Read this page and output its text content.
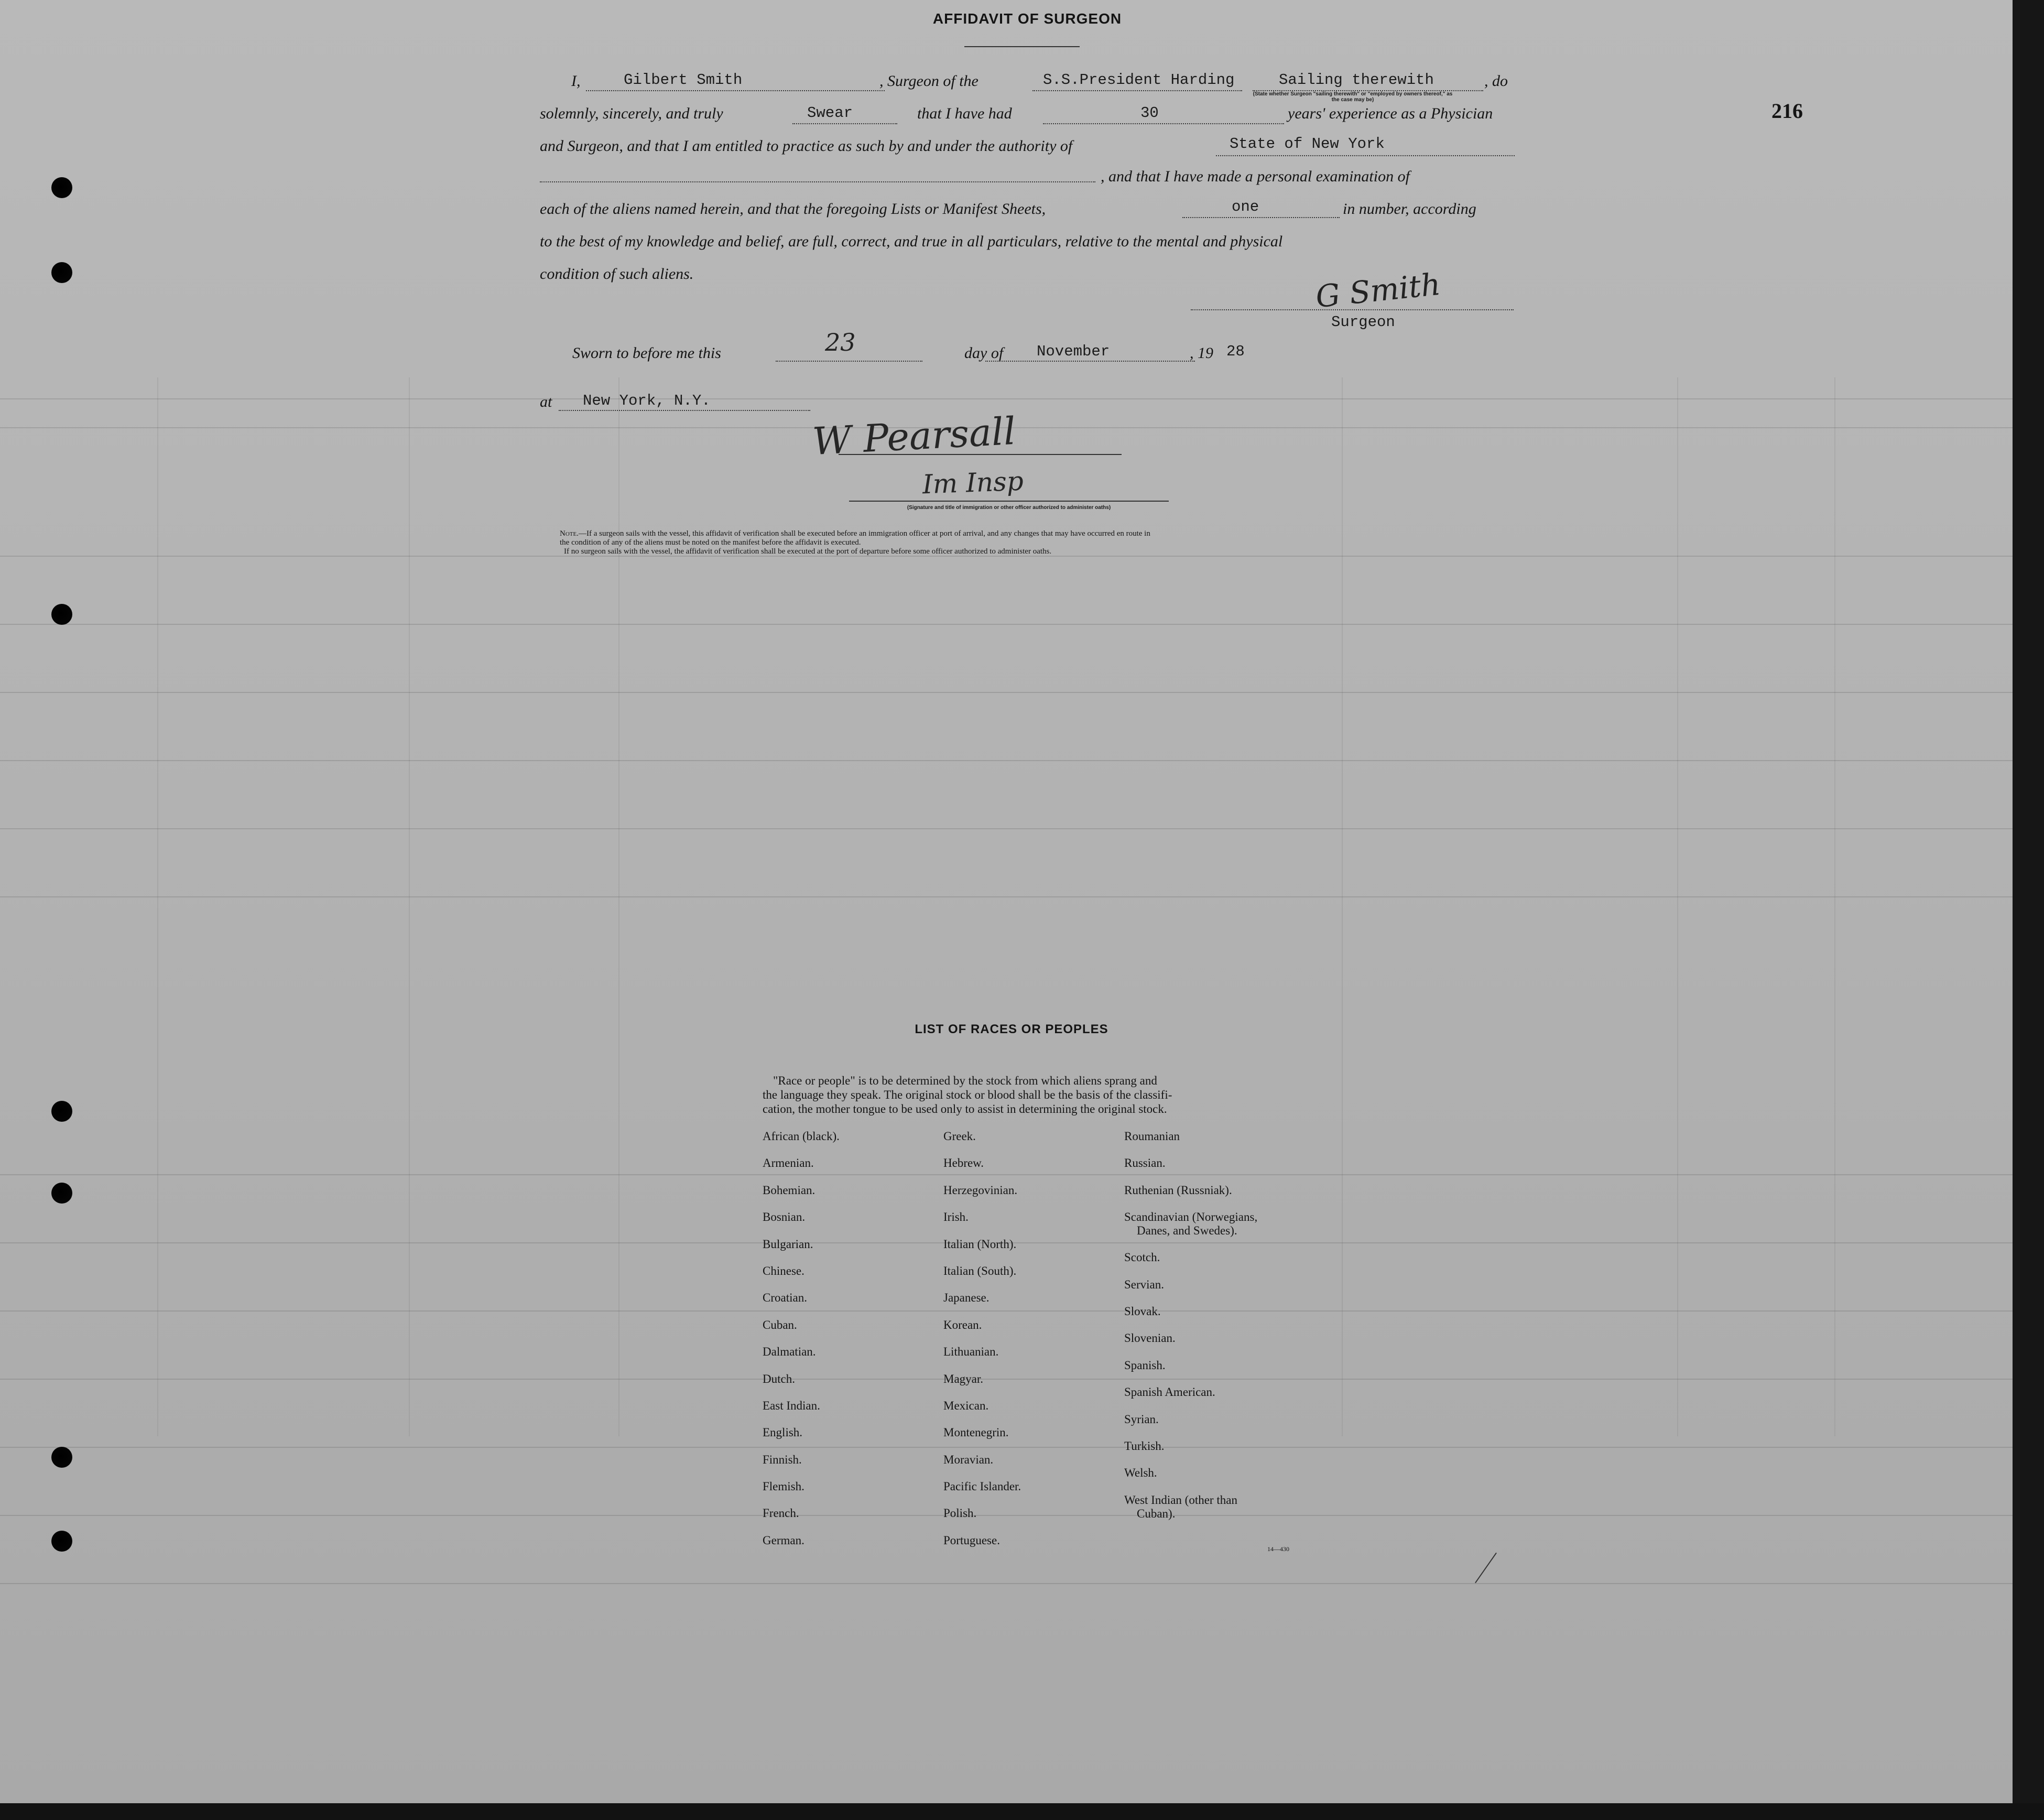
AFFIDAVIT OF SURGEON
216
I,	, Surgeon of the	, do
Gilbert Smith	S.S.President Harding	Sailing therewith
(State whether Surgeon "sailing therewith" or "employed by owners thereof," as the case may be)
solemnly, sincerely, and truly	that I have had	years' experience as a Physician
Swear	30
and Surgeon, and that I am entitled to practice as such by and under the authority of	State of New York
, and that I have made a personal examination of
each of the aliens named herein, and that the foregoing Lists or Manifest Sheets,	in number, according
one
to the best of my knowledge and belief, are full, correct, and true in all particulars, relative to the mental and physical
condition of such aliens.	G Smith
Surgeon
Sworn to before me this	day of	, 19
23	November	28
at New York, N.Y.
W Pearsall
Im Insp
(Signature and title of immigration or other officer authorized to administer oaths)
Note.—If a surgeon sails with the vessel, this affidavit of verification shall be executed before an immigration officer at port of arrival, and any changes that may have occurred en route in
the condition of any of the aliens must be noted on the manifest before the affidavit is executed.
If no surgeon sails with the vessel, the affidavit of verification shall be executed at the port of departure before some officer authorized to administer oaths.
LIST OF RACES OR PEOPLES
"Race or people" is to be determined by the stock from which aliens sprang and
the language they speak. The original stock or blood shall be the basis of the classifi-
cation, the mother tongue to be used only to assist in determining the original stock.
African (black).
Armenian.
Bohemian.
Bosnian.
Bulgarian.
Chinese.
Croatian.
Cuban.
Dalmatian.
Dutch.
East Indian.
English.
Finnish.
Flemish.
French.
German.
Greek.
Hebrew.
Herzegovinian.
Irish.
Italian (North).
Italian (South).
Japanese.
Korean.
Lithuanian.
Magyar.
Mexican.
Montenegrin.
Moravian.
Pacific Islander.
Polish.
Portuguese.
Roumanian
Russian.
Ruthenian (Russniak).
Scandinavian (Norwegians,
Danes, and Swedes).
Scotch.
Servian.
Slovak.
Slovenian.
Spanish.
Spanish American.
Syrian.
Turkish.
Welsh.
West Indian (other than
Cuban).
14—430
